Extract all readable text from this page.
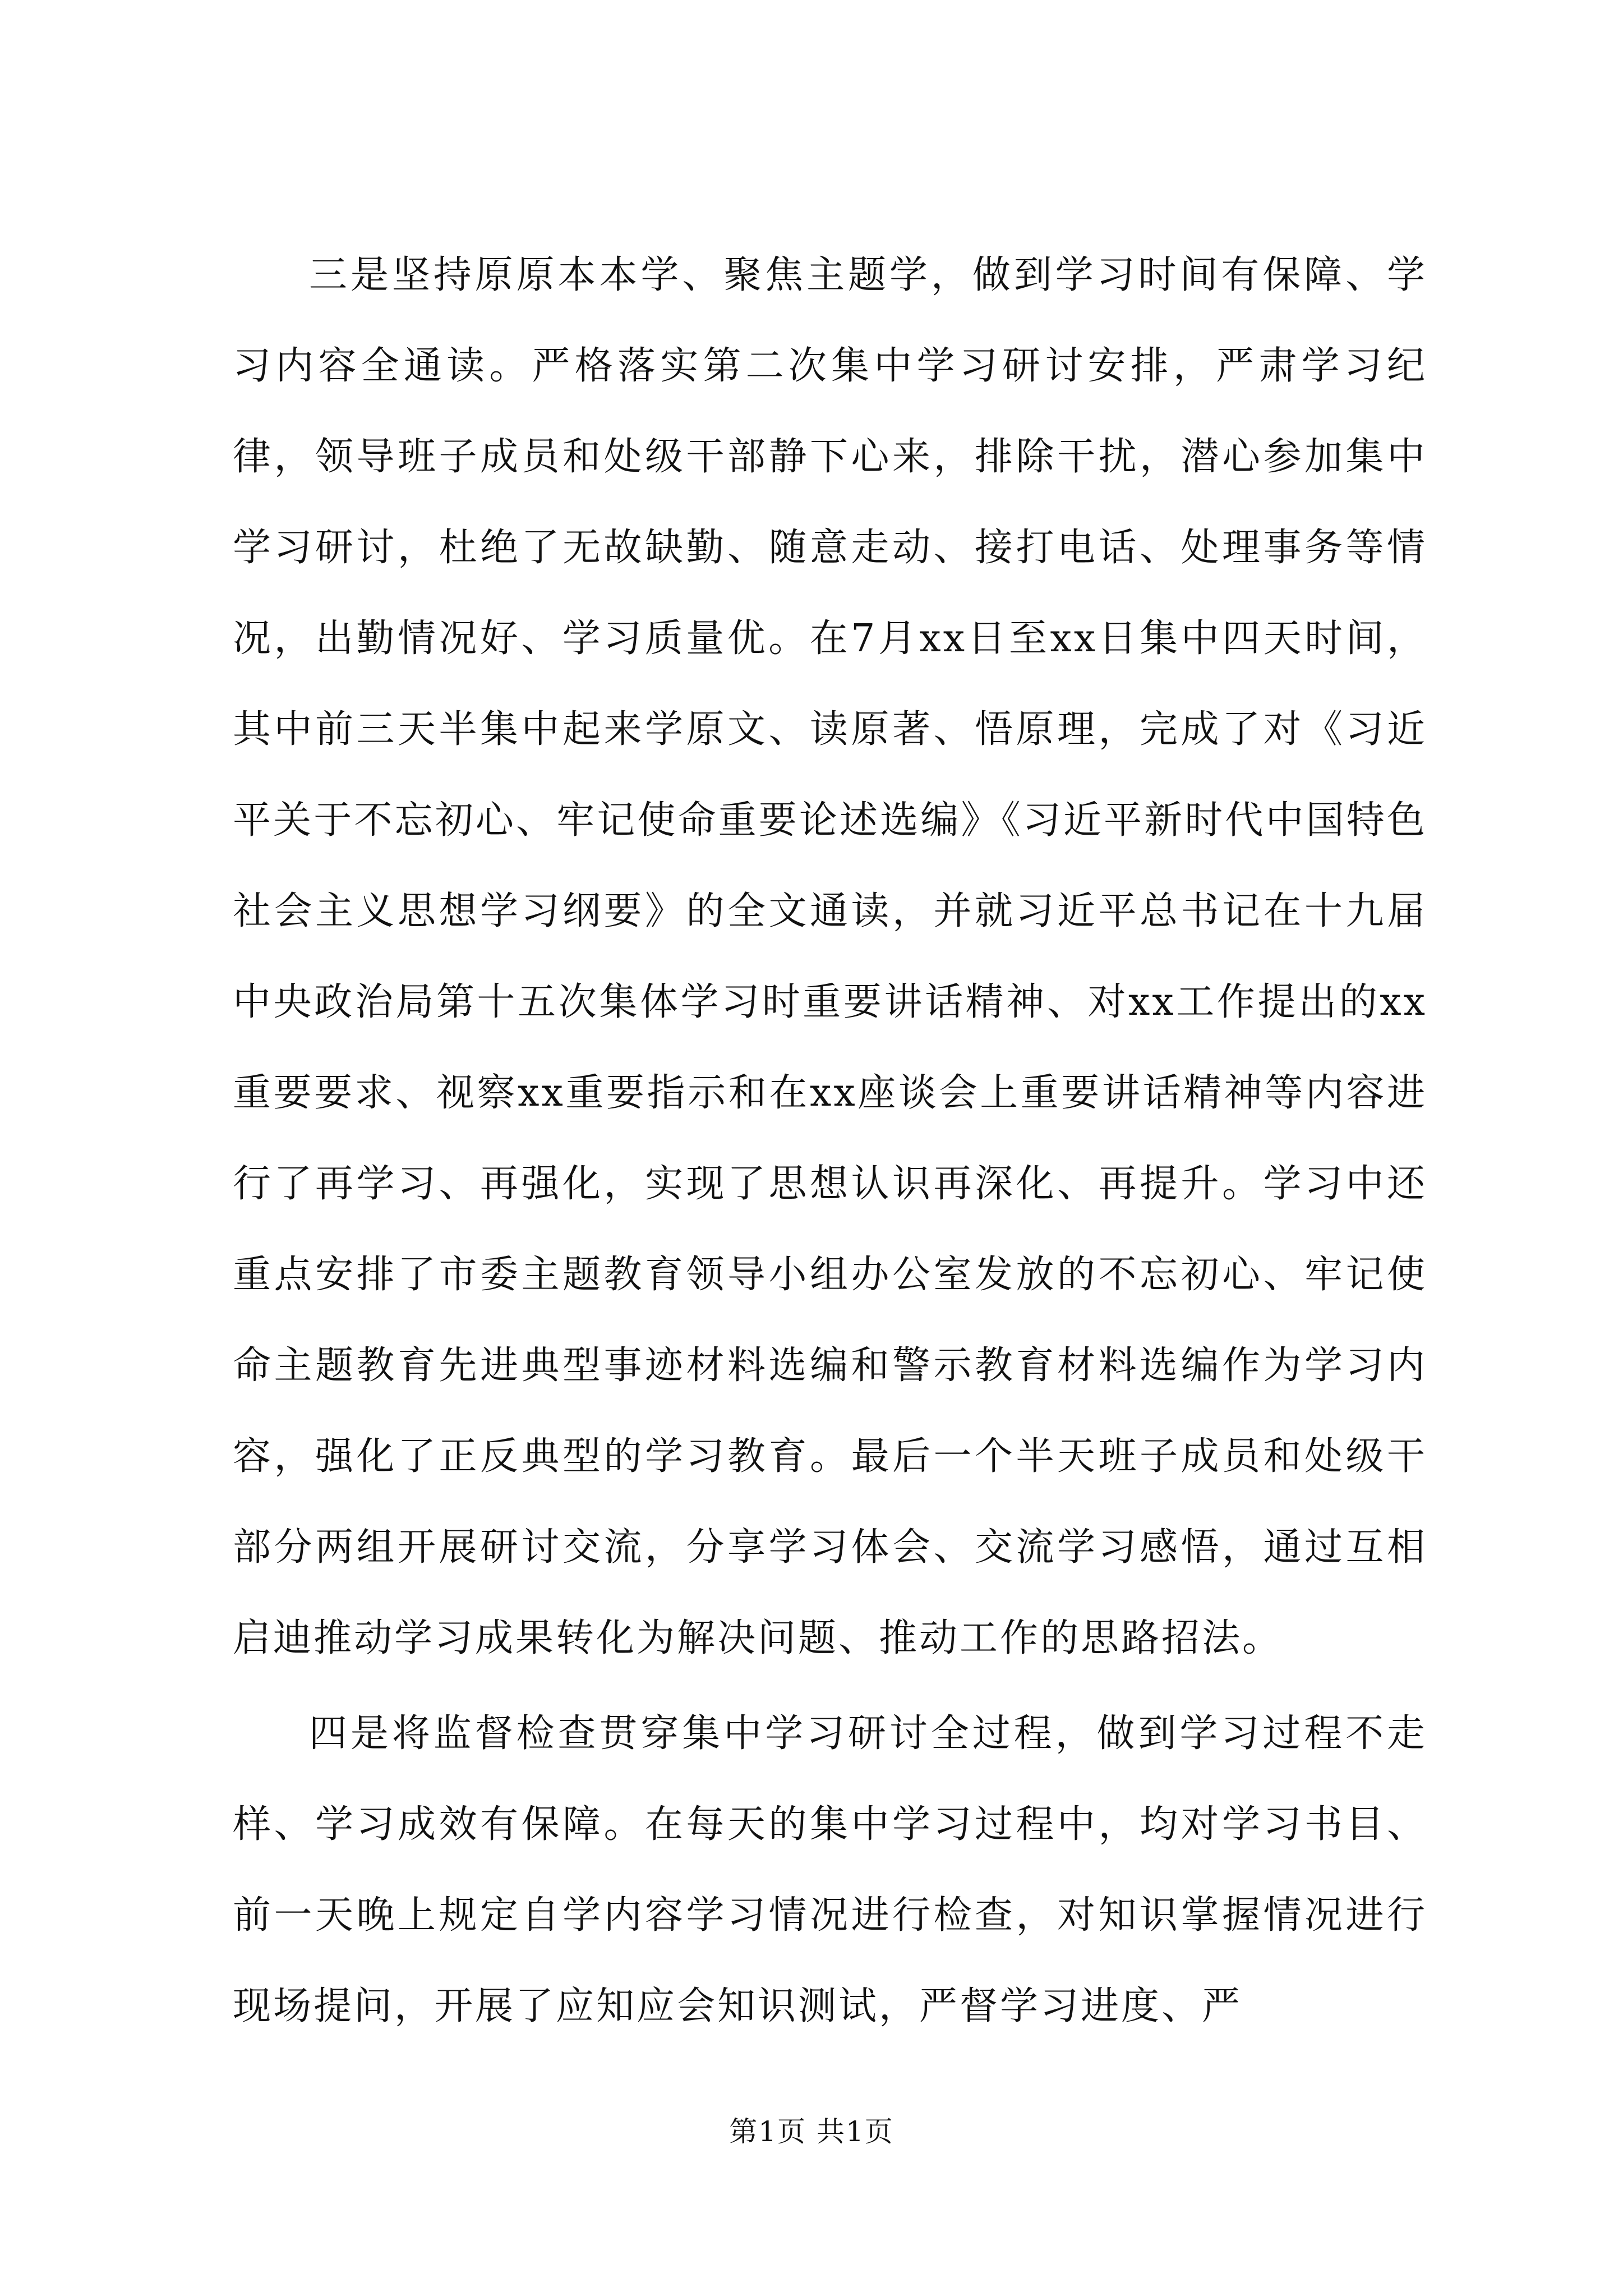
三是坚持原原本本学、聚焦主题学，做到学习时间有保障、学习内容全通读。严格落实第二次集中学习研讨安排，严肃学习纪律，领导班子成员和处级干部静下心来，排除干扰，潜心参加集中学习研讨，杜绝了无故缺勤、随意走动、接打电话、处理事务等情况，出勤情况好、学习质量优。在7月xx日至xx日集中四天时间，其中前三天半集中起来学原文、读原著、悟原理，完成了对《习近平关于不忘初心、牢记使命重要论述选编》《习近平新时代中国特色社会主义思想学习纲要》的全文通读，并就习近平总书记在十九届中央政治局第十五次集体学习时重要讲话精神、对xx工作提出的xx重要要求、视察xx重要指示和在xx座谈会上重要讲话精神等内容进行了再学习、再强化，实现了思想认识再深化、再提升。学习中还重点安排了市委主题教育领导小组办公室发放的不忘初心、牢记使命主题教育先进典型事迹材料选编和警示教育材料选编作为学习内容，强化了正反典型的学习教育。最后一个半天班子成员和处级干部分两组开展研讨交流，分享学习体会、交流学习感悟，通过互相启迪推动学习成果转化为解决问题、推动工作的思路招法。

四是将监督检查贯穿集中学习研讨全过程，做到学习过程不走样、学习成效有保障。在每天的集中学习过程中，均对学习书目、前一天晚上规定自学内容学习情况进行检查，对知识掌握情况进行现场提问，开展了应知应会知识测试，严督学习进度、严

第1页 共1页
